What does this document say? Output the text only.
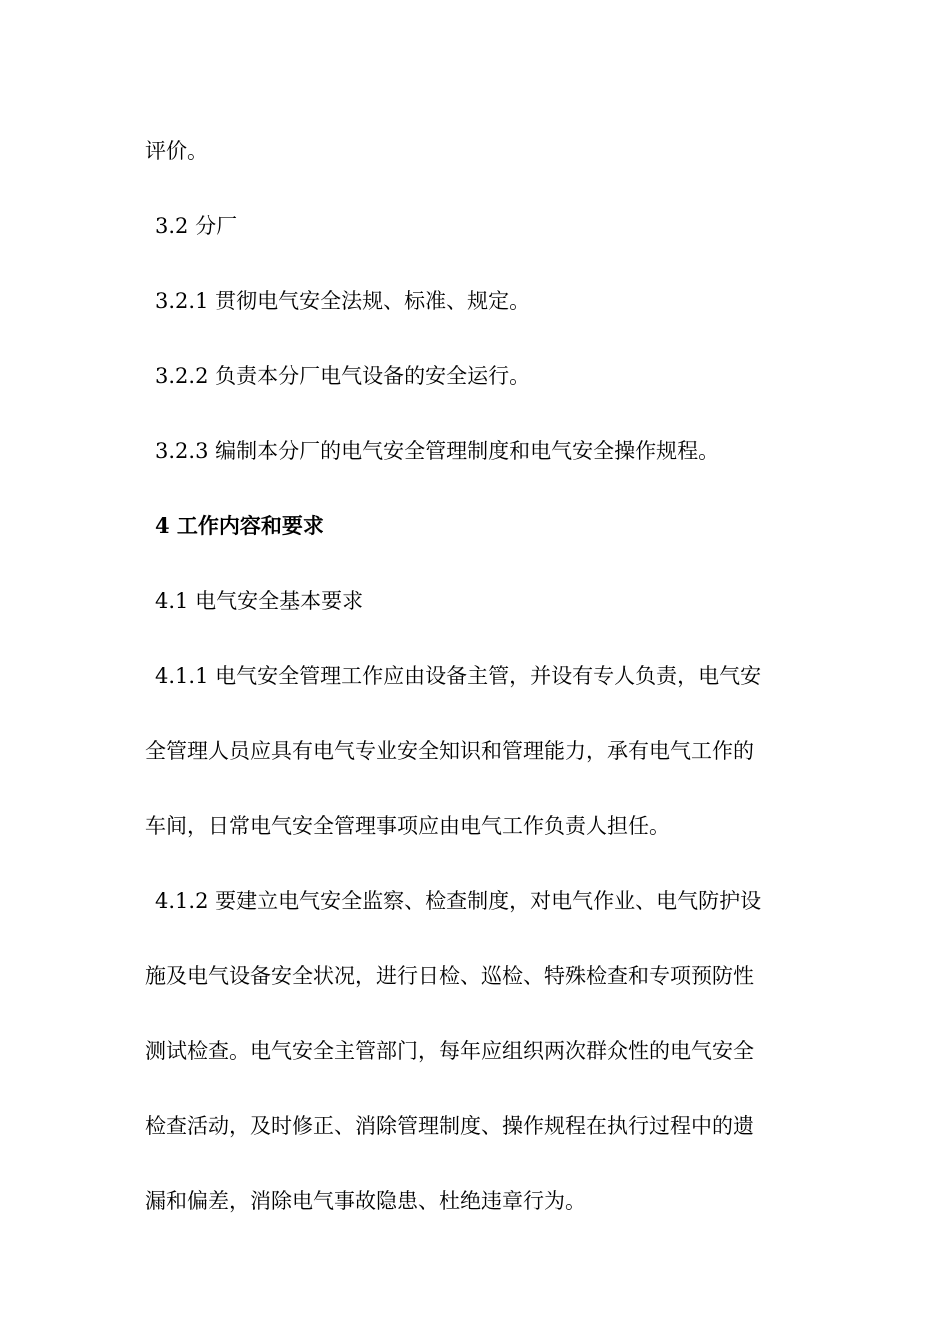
评价。
3.2 分厂
3.2.1 贯彻电气安全法规、标准、规定。
3.2.2 负责本分厂电气设备的安全运行。
3.2.3 编制本分厂的电气安全管理制度和电气安全操作规程。
4 工作内容和要求
4.1 电气安全基本要求
4.1.1 电气安全管理工作应由设备主管，并设有专人负责，电气安
全管理人员应具有电气专业安全知识和管理能力，承有电气工作的
车间，日常电气安全管理事项应由电气工作负责人担任。
4.1.2 要建立电气安全监察、检查制度，对电气作业、电气防护设
施及电气设备安全状况，进行日检、巡检、特殊检查和专项预防性
测试检查。电气安全主管部门，每年应组织两次群众性的电气安全
检查活动，及时修正、消除管理制度、操作规程在执行过程中的遗
漏和偏差，消除电气事故隐患、杜绝违章行为。
